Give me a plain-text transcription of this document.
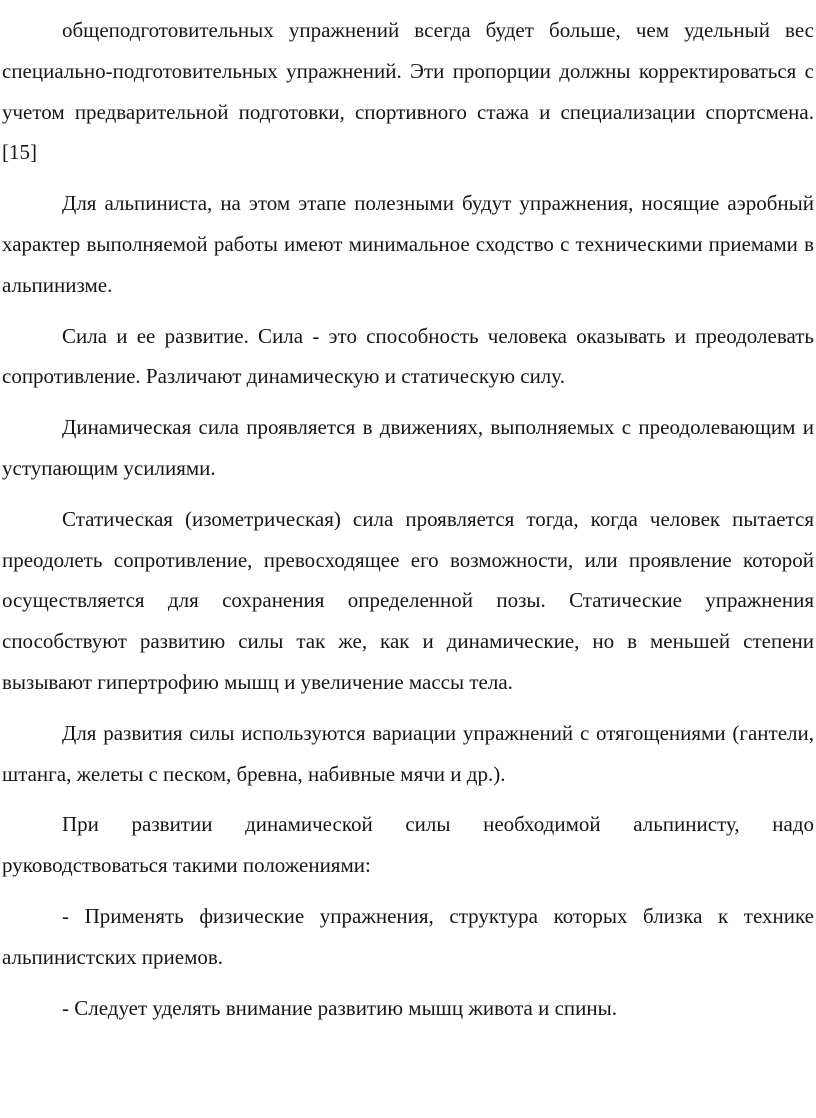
общеподготовительных упражнений всегда будет больше, чем удельный вес специально-подготовительных упражнений. Эти пропорции должны корректироваться с учетом предварительной подготовки, спортивного стажа и специализации спортсмена. [15]

Для альпиниста, на этом этапе полезными будут упражнения, носящие аэробный характер выполняемой работы имеют минимальное сходство с техническими приемами в альпинизме.

Сила и ее развитие. Сила - это способность человека оказывать и преодолевать сопротивление. Различают динамическую и статическую силу.

Динамическая сила проявляется в движениях, выполняемых с преодолевающим и уступающим усилиями.

Статическая (изометрическая) сила проявляется тогда, когда человек пытается преодолеть сопротивление, превосходящее его возможности, или проявление которой осуществляется для сохранения определенной позы. Статические упражнения способствуют развитию силы так же, как и динамические, но в меньшей степени вызывают гипертрофию мышц и увеличение массы тела.

Для развития силы используются вариации упражнений с отягощениями (гантели, штанга, желеты с песком, бревна, набивные мячи и др.).

При развитии динамической силы необходимой альпинисту, надо руководствоваться такими положениями:

- Применять физические упражнения, структура которых близка к технике альпинистских приемов.

- Следует уделять внимание развитию мышц живота и спины.
